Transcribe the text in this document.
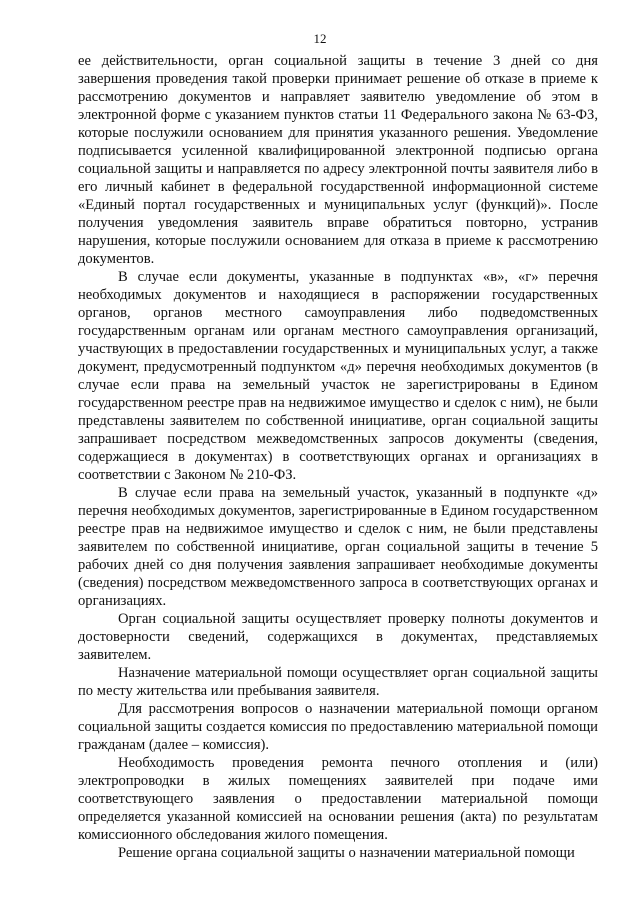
12

ее действительности, орган социальной защиты в течение 3 дней со дня завершения проведения такой проверки принимает решение об отказе в приеме к рассмотрению документов и направляет заявителю уведомление об этом в электронной форме с указанием пунктов статьи 11 Федерального закона № 63-ФЗ, которые послужили основанием для принятия указанного решения. Уведомление подписывается усиленной квалифицированной электронной подписью органа социальной защиты и направляется по адресу электронной почты заявителя либо в его личный кабинет в федеральной государственной информационной системе «Единый портал государственных и муниципальных услуг (функций)». После получения уведомления заявитель вправе обратиться повторно, устранив нарушения, которые послужили основанием для отказа в приеме к рассмотрению документов.

В случае если документы, указанные в подпунктах «в», «г» перечня необходимых документов и находящиеся в распоряжении государственных органов, органов местного самоуправления либо подведомственных государственным органам или органам местного самоуправления организаций, участвующих в предоставлении государственных и муниципальных услуг, а также документ, предусмотренный подпунктом «д» перечня необходимых документов (в случае если права на земельный участок не зарегистрированы в Едином государственном реестре прав на недвижимое имущество и сделок с ним), не были представлены заявителем по собственной инициативе, орган социальной защиты запрашивает посредством межведомственных запросов документы (сведения, содержащиеся в документах) в соответствующих органах и организациях в соответствии с Законом № 210-ФЗ.

В случае если права на земельный участок, указанный в подпункте «д» перечня необходимых документов, зарегистрированные в Едином государственном реестре прав на недвижимое имущество и сделок с ним, не были представлены заявителем по собственной инициативе, орган социальной защиты в течение 5 рабочих дней со дня получения заявления запрашивает необходимые документы (сведения) посредством межведомственного запроса в соответствующих органах и организациях.

Орган социальной защиты осуществляет проверку полноты документов и достоверности сведений, содержащихся в документах, представляемых заявителем.

Назначение материальной помощи осуществляет орган социальной защиты по месту жительства или пребывания заявителя.

Для рассмотрения вопросов о назначении материальной помощи органом социальной защиты создается комиссия по предоставлению материальной помощи гражданам (далее – комиссия).

Необходимость проведения ремонта печного отопления и (или) электропроводки в жилых помещениях заявителей при подаче ими соответствующего заявления о предоставлении материальной помощи определяется указанной комиссией на основании решения (акта) по результатам комиссионного обследования жилого помещения.

Решение органа социальной защиты о назначении материальной помощи
